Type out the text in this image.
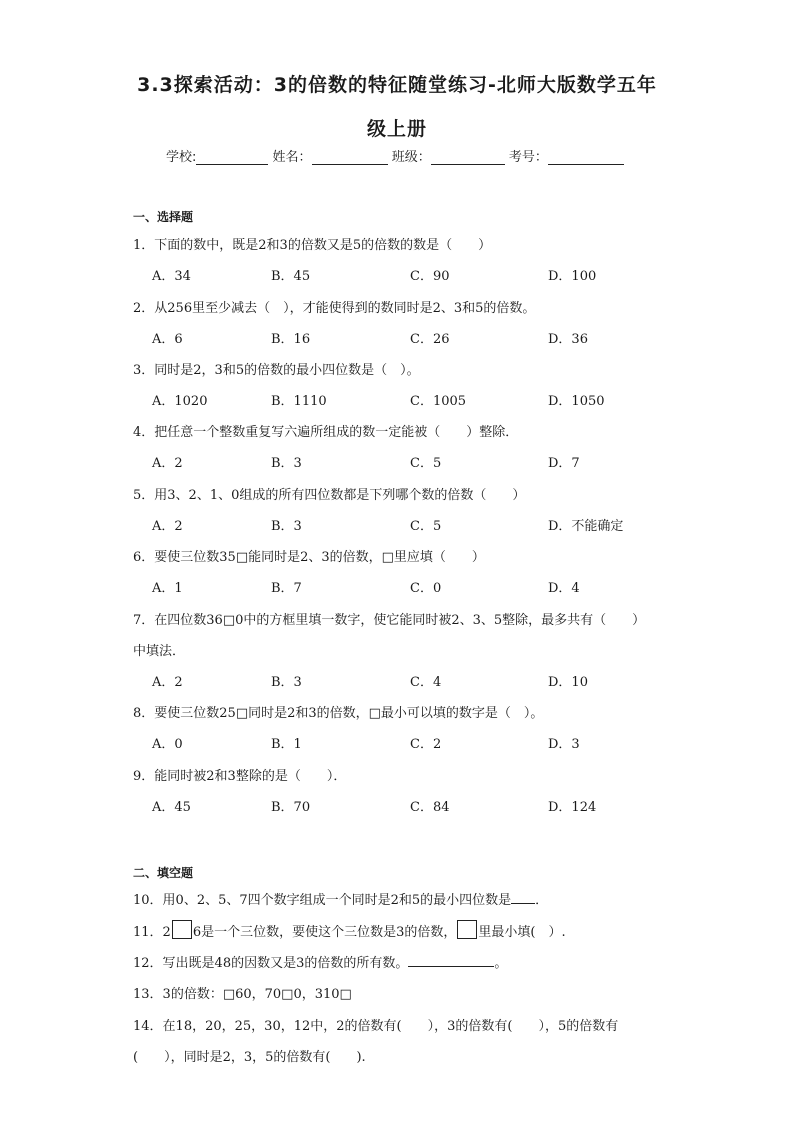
3.3探索活动：3的倍数的特征随堂练习-北师大版数学五年
级上册
学校:	姓名：	班级：	考号：
一、选择题
1．下面的数中，既是2和3的倍数又是5的倍数的数是（　　）
A．34	B．45	C．90	D．100
2．从256里至少减去（　），才能使得到的数同时是2、3和5的倍数。
A．6	B．16	C．26	D．36
3．同时是2，3和5的倍数的最小四位数是（　）。
A．1020	B．1110	C．1005	D．1050
4．把任意一个整数重复写六遍所组成的数一定能被（　　）整除．
A．2	B．3	C．5	D．7
5．用3、2、1、0组成的所有四位数都是下列哪个数的倍数（　　）
A．2	B．3	C．5	D．不能确定
6．要使三位数35□能同时是2、3的倍数，□里应填（　　）
A．1	B．7	C．0	D．4
7．在四位数36□0中的方框里填一数字，使它能同时被2、3、5整除，最多共有（　　）
中填法．
A．2	B．3	C．4	D．10
8．要使三位数25□同时是2和3的倍数，□最小可以填的数字是（　）。
A．0	B．1	C．2	D．3
9．能同时被2和3整除的是（　　）．
A．45	B．70	C．84	D．124
二、填空题
10．用0、2、5、7四个数字组成一个同时是2和5的最小四位数是 ．
11．2 6是一个三位数，要使这个三位数是3的倍数， 里最小填(　）.
12．写出既是48的因数又是3的倍数的所有数。	。
13．3的倍数：□60，70□0，310□
14．在18，20，25，30，12中，2的倍数有(　　），3的倍数有(　　），5的倍数有
(　　），同时是2，3，5的倍数有(　　).
